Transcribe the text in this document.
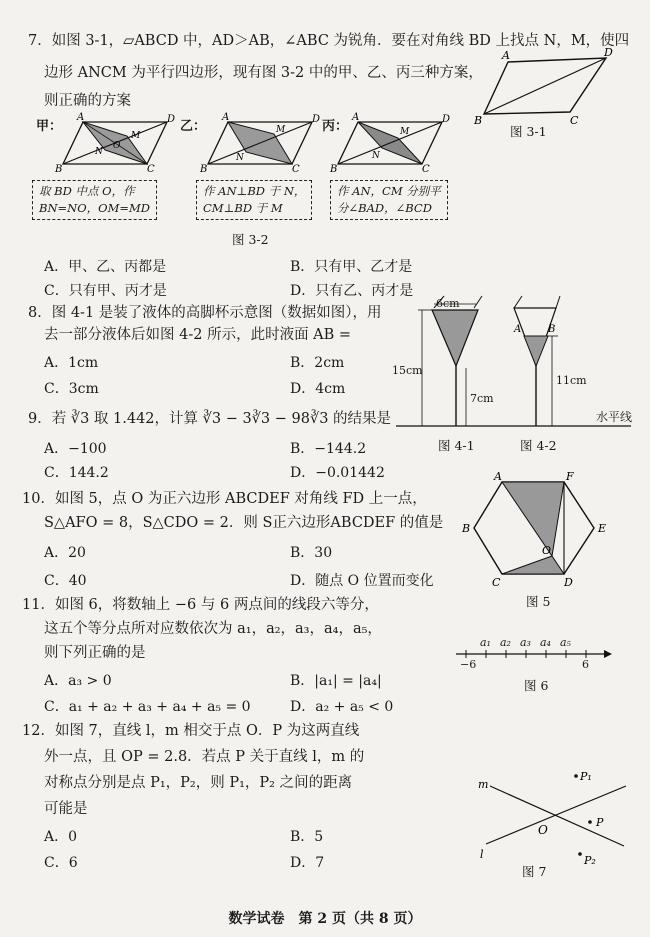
7．如图 3-1，▱ABCD 中，AD＞AB，∠ABC 为锐角．要在对角线 BD 上找点 N，M，使四
边形 ANCM 为平行四边形，现有图 3-2 中的甲、乙、丙三种方案，
则正确的方案
A	D
B	C
图 3-1
甲：
A	D
B	C
N
O
M
取 BD 中点 O，作
BN=NO，OM=MD
乙：
A	D
B	C
N
M
作 AN⊥BD 于 N，
CM⊥BD 于 M
丙：
A	D
B	C
N
M
作 AN，CM 分别平
分∠BAD，∠BCD
图 3-2
A．甲、乙、丙都是	B．只有甲、乙才是
C．只有甲、丙才是	D．只有乙、丙才是
8．图 4-1 是装了液体的高脚杯示意图（数据如图），用
去一部分液体后如图 4-2 所示，此时液面 AB =
A．1cm	B．2cm
C．3cm	D．4cm
A	B
6cm
15cm
7cm
11cm
水平线
图 4-1	图 4-2
9．若 ∛3 取 1.442，计算 ∛3 − 3∛3 − 98∛3 的结果是
A．−100	B．−144.2
C．144.2	D．−0.01442
10．如图 5，点 O 为正六边形 ABCDEF 对角线 FD 上一点，
S△AFO = 8，S△CDO = 2．则 S正六边形ABCDEF 的值是
A．20	B．30
C．40	D．随点 O 位置而变化
A	F
E
D
C
B
O
图 5
11．如图 6，将数轴上 −6 与 6 两点间的线段六等分，
这五个等分点所对应数依次为 a₁，a₂，a₃，a₄，a₅，
则下列正确的是
A．a₃ > 0	B．|a₁| = |a₄|
C．a₁ + a₂ + a₃ + a₄ + a₅ = 0	D．a₂ + a₅ < 0
a₁ a₂ a₃ a₄ a₅
−6	6
图 6
12．如图 7，直线 l，m 相交于点 O．P 为这两直线
外一点，且 OP = 2.8．若点 P 关于直线 l，m 的
对称点分别是点 P₁，P₂，则 P₁，P₂ 之间的距离
可能是
A．0	B．5
C．6	D．7
m
l
O
P
P₁
P₂
图 7
数学试卷　第 2 页（共 8 页）
